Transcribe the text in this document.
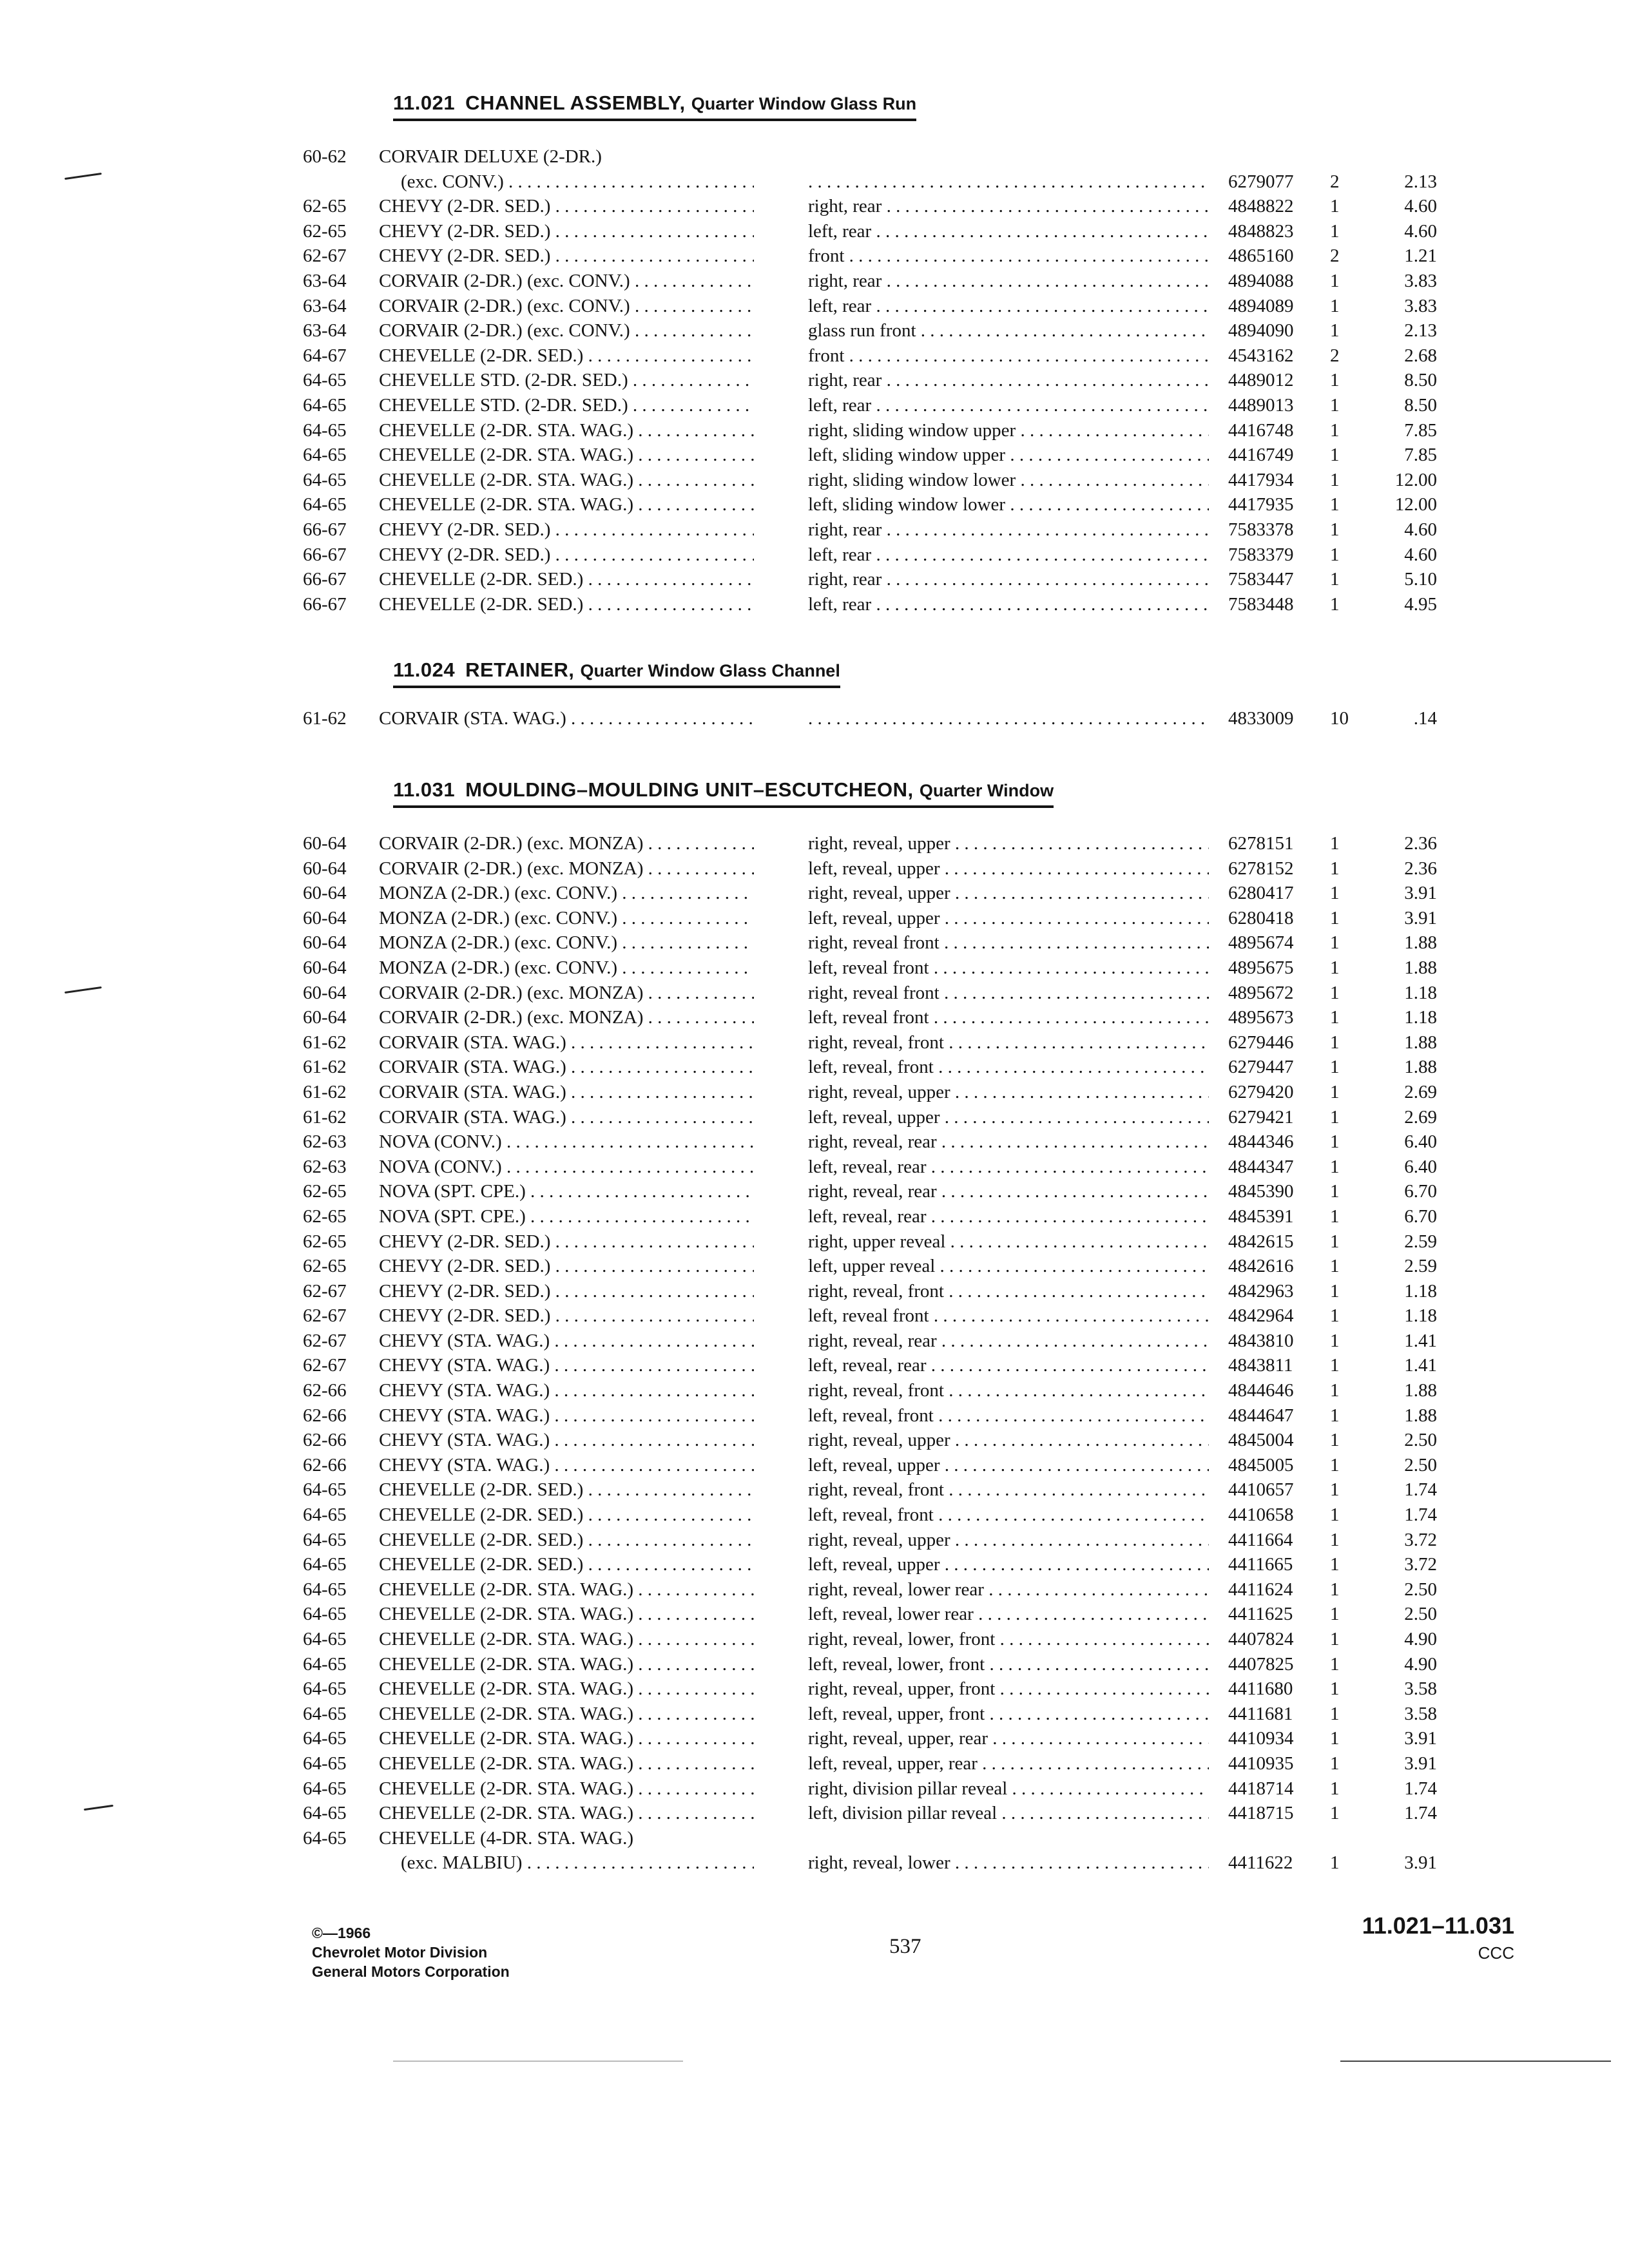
11.021 CHANNEL ASSEMBLY, Quarter Window Glass Run
60-62	CORVAIR DELUXE (2-DR.)
(exc. CONV.) . . . . . .	6279077	2	2.13
62-65	CHEVY (2-DR. SED.) . . .	right, rear . . .	4848822	1	4.60
62-65	CHEVY (2-DR. SED.) . . .	left, rear . . .	4848823	1	4.60
62-67	CHEVY (2-DR. SED.) . . .	front . . .	4865160	2	1.21
63-64	CORVAIR (2-DR.) (exc. CONV.) . . .	right, rear . . .	4894088	1	3.83
63-64	CORVAIR (2-DR.) (exc. CONV.) . . .	left, rear . . .	4894089	1	3.83
63-64	CORVAIR (2-DR.) (exc. CONV.) . . .	glass run front . . .	4894090	1	2.13
64-67	CHEVELLE (2-DR. SED.) . . .	front . . .	4543162	2	2.68
64-65	CHEVELLE STD. (2-DR. SED.) . . .	right, rear . . .	4489012	1	8.50
64-65	CHEVELLE STD. (2-DR. SED.) . . .	left, rear . . .	4489013	1	8.50
64-65	CHEVELLE (2-DR. STA. WAG.) . . .	right, sliding window upper . . .	4416748	1	7.85
64-65	CHEVELLE (2-DR. STA. WAG.) . . .	left, sliding window upper . . .	4416749	1	7.85
64-65	CHEVELLE (2-DR. STA. WAG.) . . .	right, sliding window lower . . .	4417934	1	12.00
64-65	CHEVELLE (2-DR. STA. WAG.) . . .	left, sliding window lower . . .	4417935	1	12.00
66-67	CHEVY (2-DR. SED.) . . .	right, rear . . .	7583378	1	4.60
66-67	CHEVY (2-DR. SED.) . . .	left, rear . . .	7583379	1	4.60
66-67	CHEVELLE (2-DR. SED.) . . .	right, rear . . .	7583447	1	5.10
66-67	CHEVELLE (2-DR. SED.) . . .	left, rear . . .	7583448	1	4.95
11.024 RETAINER, Quarter Window Glass Channel
61-62	CORVAIR (STA. WAG.) . . . . . .	4833009	10	.14
11.031 MOULDING–MOULDING UNIT–ESCUTCHEON, Quarter Window
60-64	CORVAIR (2-DR.) (exc. MONZA) . . .	right, reveal, upper . . .	6278151	1	2.36
60-64	CORVAIR (2-DR.) (exc. MONZA) . . .	left, reveal, upper . . .	6278152	1	2.36
60-64	MONZA (2-DR.) (exc. CONV.) . . .	right, reveal, upper . . .	6280417	1	3.91
60-64	MONZA (2-DR.) (exc. CONV.) . . .	left, reveal, upper . . .	6280418	1	3.91
60-64	MONZA (2-DR.) (exc. CONV.) . . .	right, reveal front . . .	4895674	1	1.88
60-64	MONZA (2-DR.) (exc. CONV.) . . .	left, reveal front . . .	4895675	1	1.88
60-64	CORVAIR (2-DR.) (exc. MONZA) . . .	right, reveal front . . .	4895672	1	1.18
60-64	CORVAIR (2-DR.) (exc. MONZA) . . .	left, reveal front . . .	4895673	1	1.18
61-62	CORVAIR (STA. WAG.) . . .	right, reveal, front . . .	6279446	1	1.88
61-62	CORVAIR (STA. WAG.) . . .	left, reveal, front . . .	6279447	1	1.88
61-62	CORVAIR (STA. WAG.) . . .	right, reveal, upper . . .	6279420	1	2.69
61-62	CORVAIR (STA. WAG.) . . .	left, reveal, upper . . .	6279421	1	2.69
62-63	NOVA (CONV.) . . .	right, reveal, rear . . .	4844346	1	6.40
62-63	NOVA (CONV.) . . .	left, reveal, rear . . .	4844347	1	6.40
62-65	NOVA (SPT. CPE.) . . .	right, reveal, rear . . .	4845390	1	6.70
62-65	NOVA (SPT. CPE.) . . .	left, reveal, rear . . .	4845391	1	6.70
62-65	CHEVY (2-DR. SED.) . . .	right, upper reveal . . .	4842615	1	2.59
62-65	CHEVY (2-DR. SED.) . . .	left, upper reveal . . .	4842616	1	2.59
62-67	CHEVY (2-DR. SED.) . . .	right, reveal, front . . .	4842963	1	1.18
62-67	CHEVY (2-DR. SED.) . . .	left, reveal front . . .	4842964	1	1.18
62-67	CHEVY (STA. WAG.) . . .	right, reveal, rear . . .	4843810	1	1.41
62-67	CHEVY (STA. WAG.) . . .	left, reveal, rear . . .	4843811	1	1.41
62-66	CHEVY (STA. WAG.) . . .	right, reveal, front . . .	4844646	1	1.88
62-66	CHEVY (STA. WAG.) . . .	left, reveal, front . . .	4844647	1	1.88
62-66	CHEVY (STA. WAG.) . . .	right, reveal, upper . . .	4845004	1	2.50
62-66	CHEVY (STA. WAG.) . . .	left, reveal, upper . . .	4845005	1	2.50
64-65	CHEVELLE (2-DR. SED.) . . .	right, reveal, front . . .	4410657	1	1.74
64-65	CHEVELLE (2-DR. SED.) . . .	left, reveal, front . . .	4410658	1	1.74
64-65	CHEVELLE (2-DR. SED.) . . .	right, reveal, upper . . .	4411664	1	3.72
64-65	CHEVELLE (2-DR. SED.) . . .	left, reveal, upper . . .	4411665	1	3.72
64-65	CHEVELLE (2-DR. STA. WAG.) . . .	right, reveal, lower rear . . .	4411624	1	2.50
64-65	CHEVELLE (2-DR. STA. WAG.) . . .	left, reveal, lower rear . . .	4411625	1	2.50
64-65	CHEVELLE (2-DR. STA. WAG.) . . .	right, reveal, lower, front . . .	4407824	1	4.90
64-65	CHEVELLE (2-DR. STA. WAG.) . . .	left, reveal, lower, front . . .	4407825	1	4.90
64-65	CHEVELLE (2-DR. STA. WAG.) . . .	right, reveal, upper, front . . .	4411680	1	3.58
64-65	CHEVELLE (2-DR. STA. WAG.) . . .	left, reveal, upper, front . . .	4411681	1	3.58
64-65	CHEVELLE (2-DR. STA. WAG.) . . .	right, reveal, upper, rear . . .	4410934	1	3.91
64-65	CHEVELLE (2-DR. STA. WAG.) . . .	left, reveal, upper, rear . . .	4410935	1	3.91
64-65	CHEVELLE (2-DR. STA. WAG.) . . .	right, division pillar reveal . . .	4418714	1	1.74
64-65	CHEVELLE (2-DR. STA. WAG.) . . .	left, division pillar reveal . . .	4418715	1	1.74
64-65	CHEVELLE (4-DR. STA. WAG.)
(exc. MALBIU) . . .	right, reveal, lower . . .	4411622	1	3.91
©—1966
Chevrolet Motor Division
General Motors Corporation
537
11.021–11.031
CCC
